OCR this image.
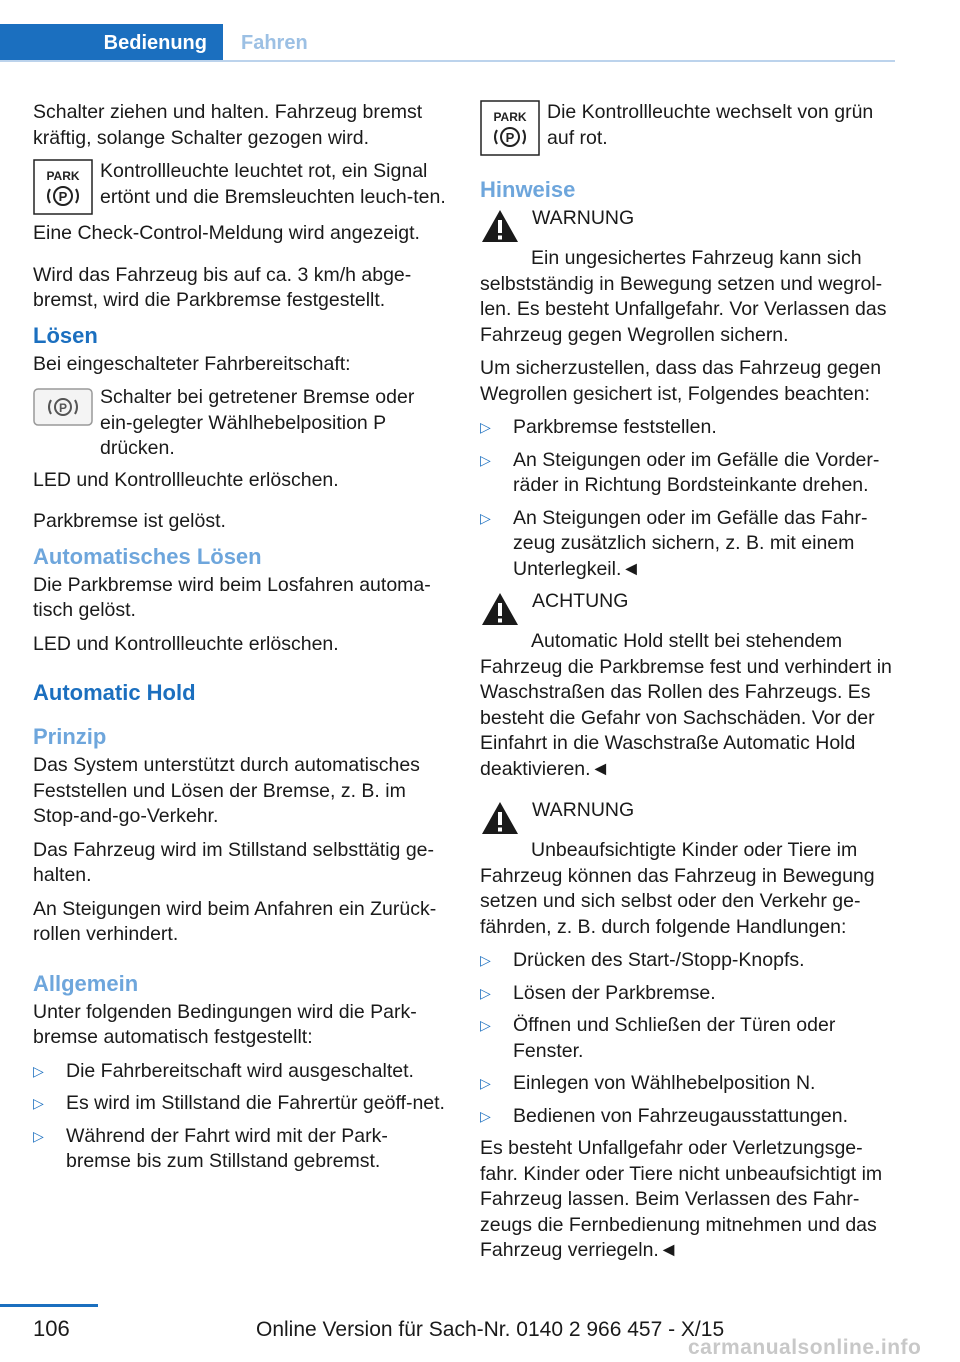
Bedienung	Fahren

Schalter ziehen und halten. Fahrzeug bremst kräftig, solange Schalter gezogen wird.

PARK
P
Kontrollleuchte leuchtet rot, ein Signal ertönt und die Bremsleuchten leuch‐ten.

Eine Check-Control-Meldung wird angezeigt.

Wird das Fahrzeug bis auf ca. 3 km/h abge‐bremst, wird die Parkbremse festgestellt.

Lösen

Bei eingeschalteter Fahrbereitschaft:

P Schalter bei getretener Bremse oder ein‐gelegter Wählhebelposition P drücken.

LED und Kontrollleuchte erlöschen.

Parkbremse ist gelöst.

Automatisches Lösen

Die Parkbremse wird beim Losfahren automa‐tisch gelöst.

LED und Kontrollleuchte erlöschen.

Automatic Hold
Prinzip

Das System unterstützt durch automatisches Feststellen und Lösen der Bremse, z. B. im Stop-and-go-Verkehr.

Das Fahrzeug wird im Stillstand selbsttätig ge‐halten.

An Steigungen wird beim Anfahren ein Zurück‐rollen verhindert.

Allgemein

Unter folgenden Bedingungen wird die Park‐bremse automatisch festgestellt:

▷	Die Fahrbereitschaft wird ausgeschaltet.
▷	Es wird im Stillstand die Fahrertür geöff‐net.
▷	Während der Fahrt wird mit der Park‐bremse bis zum Stillstand gebremst.
PARK
P
Die Kontrollleuchte wechselt von grün auf rot.
Hinweise
WARNUNG

Ein ungesichertes Fahrzeug kann sich selbstständig in Bewegung setzen und wegrol‐len. Es besteht Unfallgefahr. Vor Verlassen das Fahrzeug gegen Wegrollen sichern.

Um sicherzustellen, dass das Fahrzeug gegen Wegrollen gesichert ist, Folgendes beachten:

▷	Parkbremse feststellen.
▷	An Steigungen oder im Gefälle die Vorder‐räder in Richtung Bordsteinkante drehen.
▷	An Steigungen oder im Gefälle das Fahr‐zeug zusätzlich sichern, z. B. mit einem Unterlegkeil.◄
ACHTUNG

Automatic Hold stellt bei stehendem Fahrzeug die Parkbremse fest und verhindert in Waschstraßen das Rollen des Fahrzeugs. Es besteht die Gefahr von Sachschäden. Vor der Einfahrt in die Waschstraße Automatic Hold deaktivieren.◄

WARNUNG

Unbeaufsichtigte Kinder oder Tiere im Fahrzeug können das Fahrzeug in Bewegung setzen und sich selbst oder den Verkehr ge‐fährden, z. B. durch folgende Handlungen:

▷	Drücken des Start-/Stopp-Knopfs.
▷	Lösen der Parkbremse.
▷	Öffnen und Schließen der Türen oder Fenster.
▷	Einlegen von Wählhebelposition N.
▷	Bedienen von Fahrzeugausstattungen.

Es besteht Unfallgefahr oder Verletzungsge‐fahr. Kinder oder Tiere nicht unbeaufsichtigt im Fahrzeug lassen. Beim Verlassen des Fahr‐zeugs die Fernbedienung mitnehmen und das Fahrzeug verriegeln.◄

106	Online Version für Sach-Nr. 0140 2 966 457 - X/15
carmanualsonline.info
